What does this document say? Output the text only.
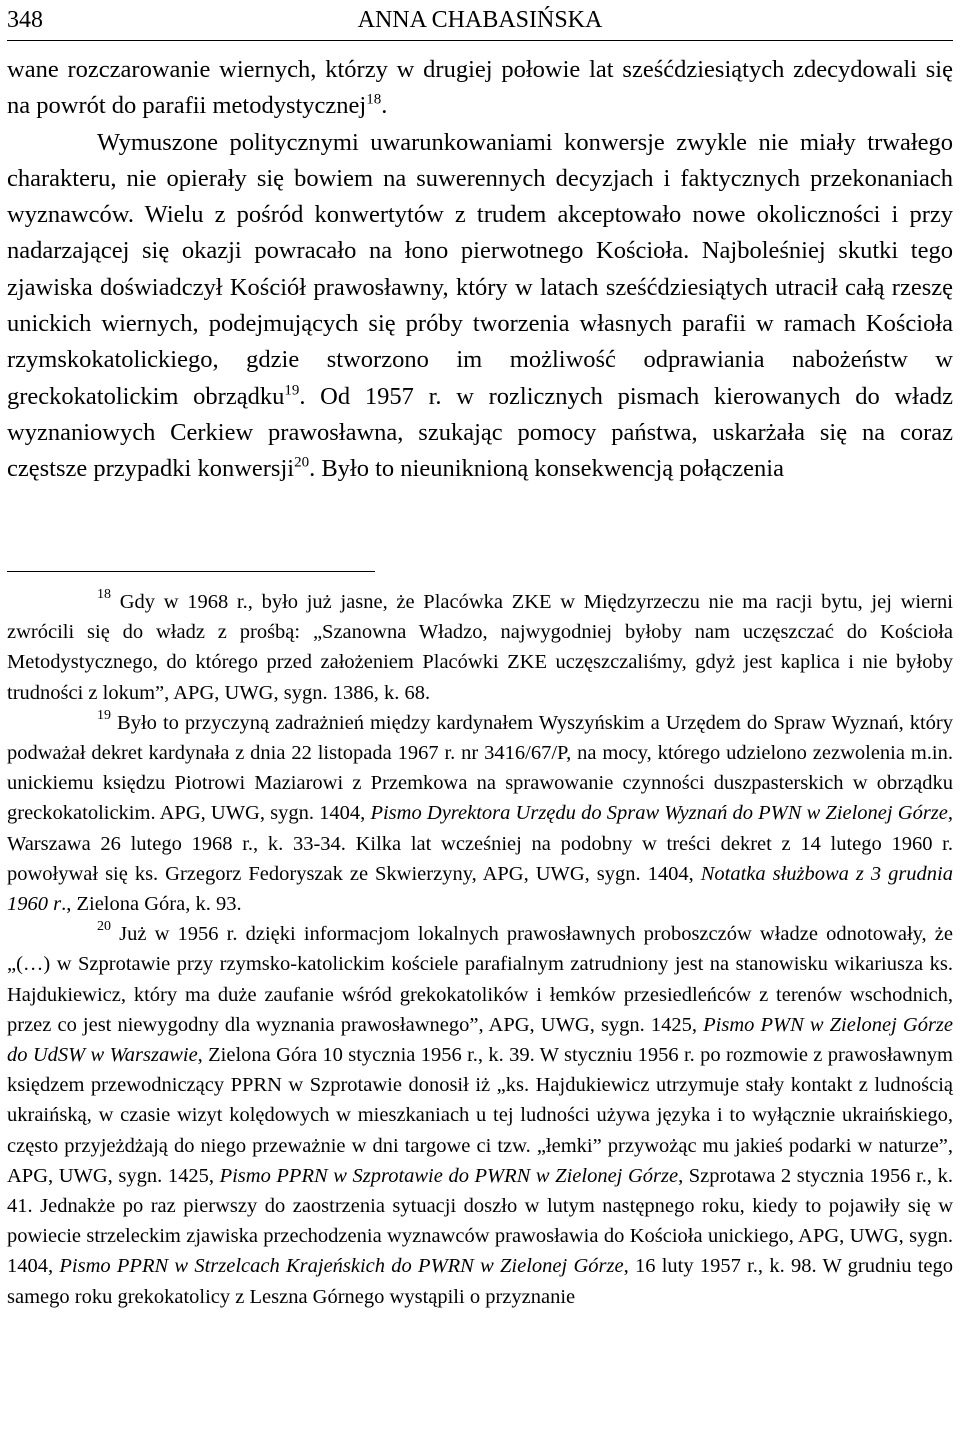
348	ANNA CHABASIŃSKA

wane rozczarowanie wiernych, którzy w drugiej połowie lat sześćdziesiątych zdecydowali się na powrót do parafii metodystycznej$^{18}$.

Wymuszone politycznymi uwarunkowaniami konwersje zwykle nie miały trwałego charakteru, nie opierały się bowiem na suwerennych decyzjach i faktycznych przekonaniach wyznawców. Wielu z pośród konwertytów z trudem akceptowało nowe okoliczności i przy nadarzającej się okazji powracało na łono pierwotnego Kościoła. Najboleśniej skutki tego zjawiska doświadczył Kościół prawosławny, który w latach sześćdziesiątych utracił całą rzeszę unickich wiernych, podejmujących się próby tworzenia własnych parafii w ramach Kościoła rzymskokatolickiego, gdzie stworzono im możliwość odprawiania nabożeństw w greckokatolickim obrządku$^{19}$. Od 1957 r. w rozlicznych pismach kierowanych do władz wyznaniowych Cerkiew prawosławna, szukając pomocy państwa, uskarżała się na coraz częstsze przypadki konwersji$^{20}$. Było to nieuniknioną konsekwencją połączenia

$^{18}$ Gdy w 1968 r., było już jasne, że Placówka ZKE w Międzyrzeczu nie ma racji bytu, jej wierni zwrócili się do władz z prośbą: „Szanowna Władzo, najwygodniej byłoby nam uczęszczać do Kościoła Metodystycznego, do którego przed założeniem Placówki ZKE uczęszczaliśmy, gdyż jest kaplica i nie byłoby trudności z lokum”, APG, UWG, sygn. 1386, k. 68.

$^{19}$ Było to przyczyną zadrażnień między kardynałem Wyszyńskim a Urzędem do Spraw Wyznań, który podważał dekret kardynała z dnia 22 listopada 1967 r. nr 3416/67/P, na mocy, którego udzielono zezwolenia m.in. unickiemu księdzu Piotrowi Maziarowi z Przemkowa na sprawowanie czynności duszpasterskich w obrządku greckokatolickim. APG, UWG, sygn. 1404, Pismo Dyrektora Urzędu do Spraw Wyznań do PWN w Zielonej Górze, Warszawa 26 lutego 1968 r., k. 33-34. Kilka lat wcześniej na podobny w treści dekret z 14 lutego 1960 r. powoływał się ks. Grzegorz Fedoryszak ze Skwierzyny, APG, UWG, sygn. 1404, Notatka służbowa z 3 grudnia 1960 r., Zielona Góra, k. 93.

$^{20}$ Już w 1956 r. dzięki informacjom lokalnych prawosławnych proboszczów władze odnotowały, że „(…) w Szprotawie przy rzymsko-katolickim kościele parafialnym zatrudniony jest na stanowisku wikariusza ks. Hajdukiewicz, który ma duże zaufanie wśród grekokatolików i łemków przesiedleńców z terenów wschodnich, przez co jest niewygodny dla wyznania prawosławnego”, APG, UWG, sygn. 1425, Pismo PWN w Zielonej Górze do UdSW w Warszawie, Zielona Góra 10 stycznia 1956 r., k. 39. W styczniu 1956 r. po rozmowie z prawosławnym księdzem przewodniczący PPRN w Szprotawie donosił iż „ks. Hajdukiewicz utrzymuje stały kontakt z ludnością ukraińską, w czasie wizyt kolędowych w mieszkaniach u tej ludności używa języka i to wyłącznie ukraińskiego, często przyjeżdżają do niego przeważnie w dni targowe ci tzw. „łemki” przywożąc mu jakieś podarki w naturze”, APG, UWG, sygn. 1425, Pismo PPRN w Szprotawie do PWRN w Zielonej Górze, Szprotawa 2 stycznia 1956 r., k. 41. Jednakże po raz pierwszy do zaostrzenia sytuacji doszło w lutym następnego roku, kiedy to pojawiły się w powiecie strzeleckim zjawiska przechodzenia wyznawców prawosławia do Kościoła unickiego, APG, UWG, sygn. 1404, Pismo PPRN w Strzelcach Krajeńskich do PWRN w Zielonej Górze, 16 luty 1957 r., k. 98. W grudniu tego samego roku grekokatolicy z Leszna Górnego wystąpili o przyznanie
